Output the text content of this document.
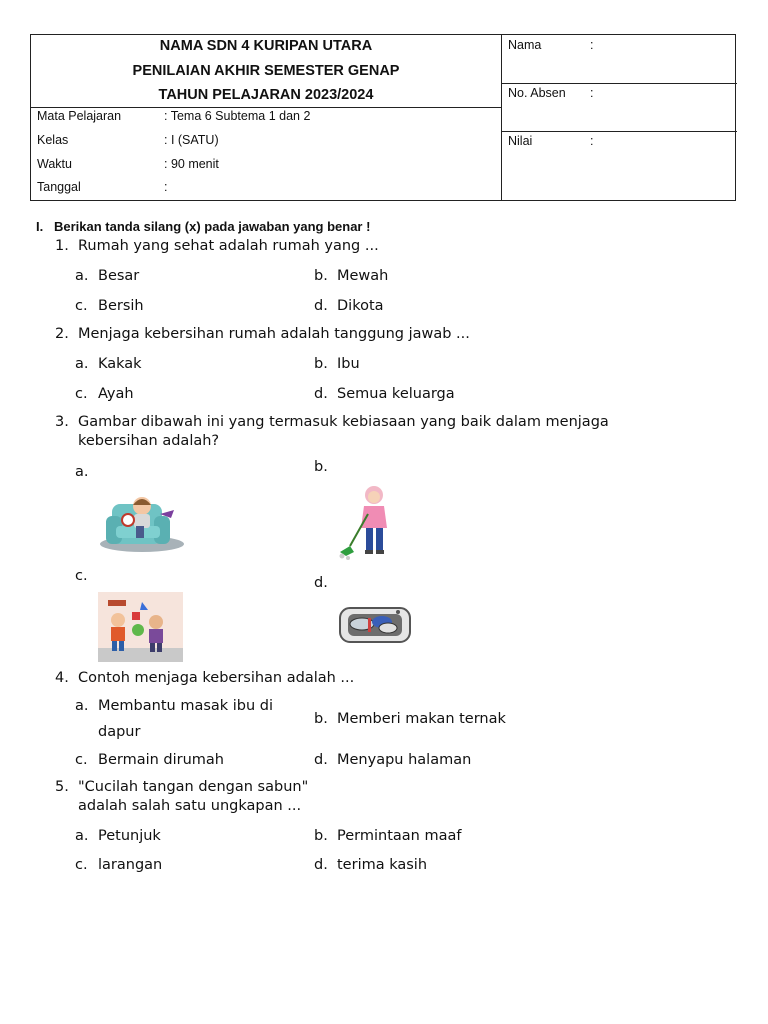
NAMA SDN 4 KURIPAN UTARA
PENILAIAN AKHIR SEMESTER GENAP
TAHUN PELAJARAN 2023/2024
Mata Pelajaran	: Tema 6 Subtema 1 dan 2
Kelas	: I (SATU)
Waktu	: 90 menit
Tanggal	:
Nama	:
No. Absen :
Nilai	:
I. Berikan tanda silang (x) pada jawaban yang benar !
1. Rumah yang sehat adalah rumah yang ...
a. Besar	b. Mewah
c. Bersih	d. Dikota
2. Menjaga kebersihan rumah adalah tanggung jawab ...
a. Kakak	b. Ibu
c. Ayah	d. Semua keluarga
3. Gambar dibawah ini yang termasuk kebiasaan yang baik dalam menjaga
kebersihan adalah?
a.	b.
c.	d.
4. Contoh menjaga kebersihan adalah ...
a. Membantu masak ibu di
dapur
b. Memberi makan ternak
c. Bermain dirumah	d. Menyapu halaman
5. "Cucilah tangan dengan sabun"
adalah salah satu ungkapan ...
a. Petunjuk	b. Permintaan maaf
c. larangan	d. terima kasih
